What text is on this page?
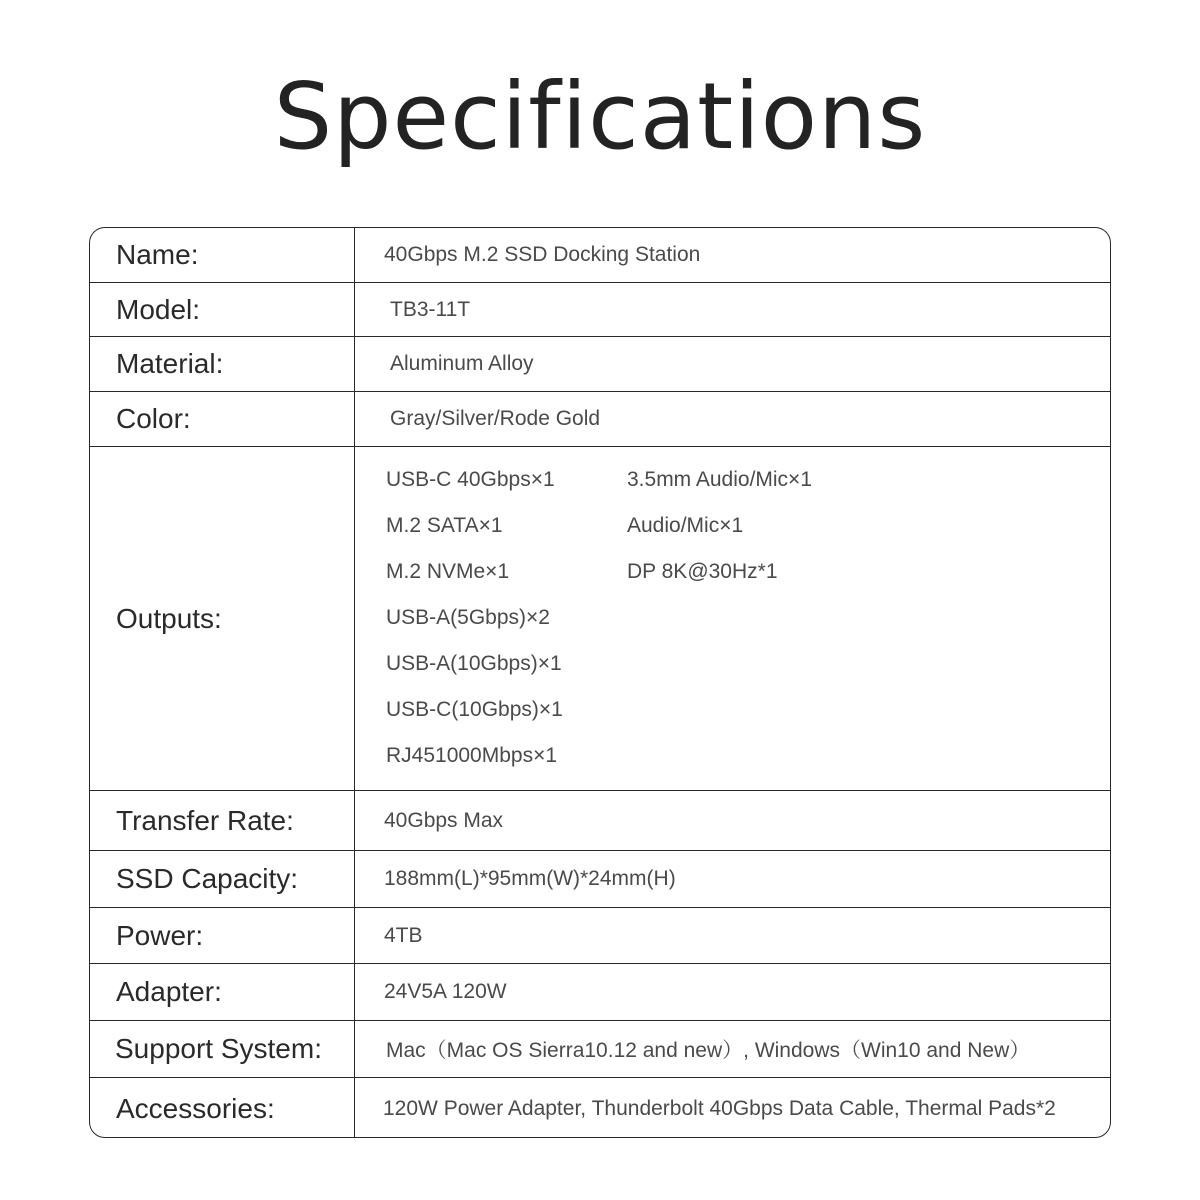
Specifications
Name:	40Gbps M.2 SSD Docking Station
Model:	TB3-11T
Material:	Aluminum Alloy
Color:	Gray/Silver/Rode Gold
Outputs:
USB-C 40Gbps×1
M.2 SATA×1
M.2 NVMe×1
USB-A(5Gbps)×2
USB-A(10Gbps)×1
USB-C(10Gbps)×1
RJ451000Mbps×1
3.5mm Audio/Mic×1
Audio/Mic×1
DP 8K@30Hz*1
Transfer Rate:	40Gbps Max
SSD Capacity:	188mm(L)*95mm(W)*24mm(H)
Power:	4TB
Adapter:	24V5A 120W
Support System:	Mac（Mac OS Sierra10.12 and new）, Windows（Win10 and New）
Accessories:	120W Power Adapter, Thunderbolt 40Gbps Data Cable, Thermal Pads*2
